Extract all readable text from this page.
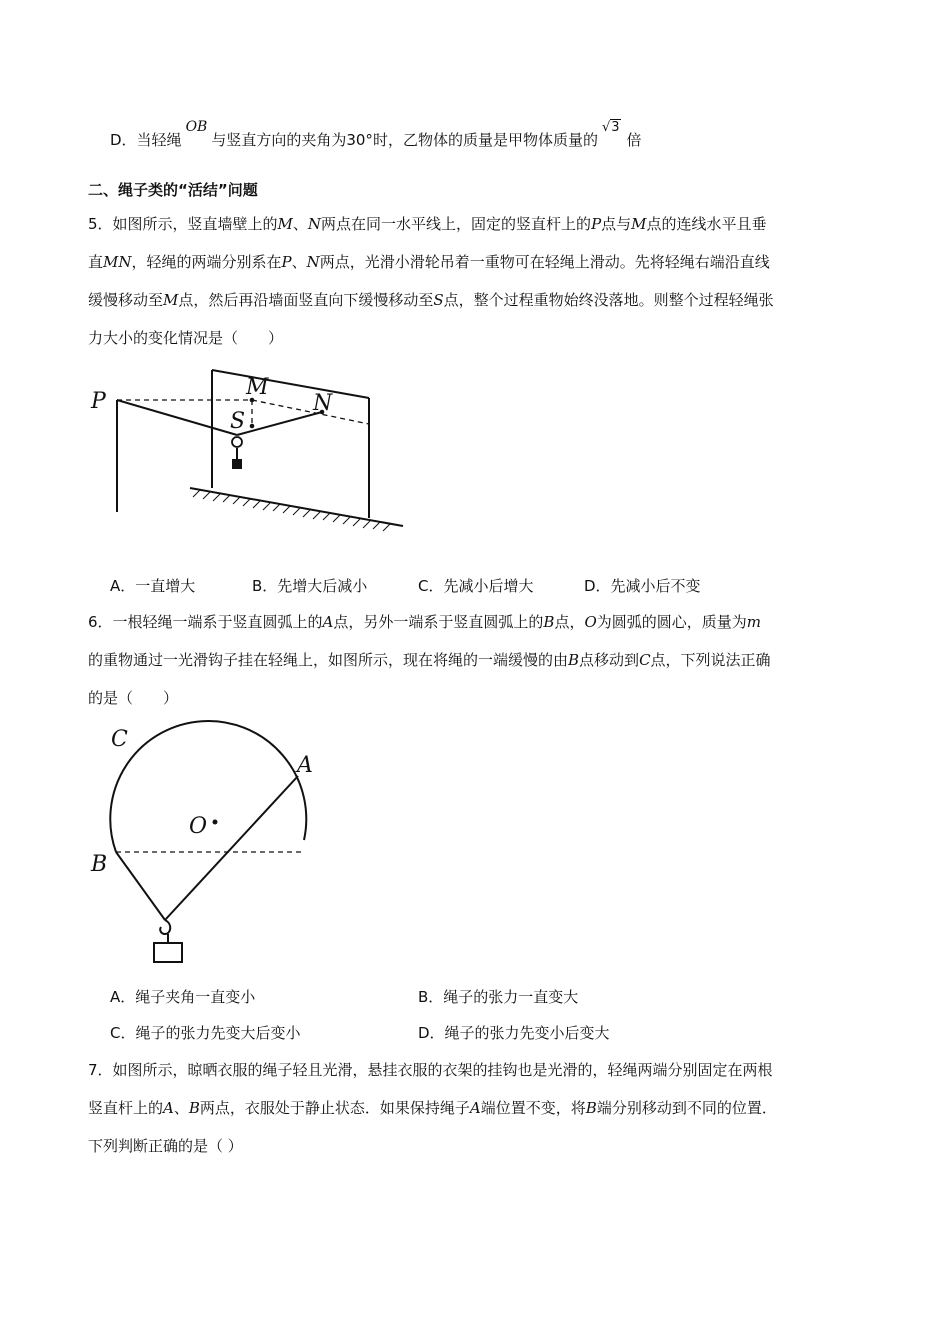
D．当轻绳OB与竖直方向的夹角为30°时，乙物体的质量是甲物体质量的√3倍
二、绳子类的“活结”问题
5．如图所示，竖直墙壁上的M、N两点在同一水平线上，固定的竖直杆上的P点与M点的连线水平且垂
直MN，轻绳的两端分别系在P、N两点，光滑小滑轮吊着一重物可在轻绳上滑动。先将轻绳右端沿直线
缓慢移动至M点，然后再沿墙面竖直向下缓慢移动至S点，整个过程重物始终没落地。则整个过程轻绳张
力大小的变化情况是（　　）
P
M
N
S
A．一直增大	B．先增大后减小	C．先减小后增大	D．先减小后不变
6．一根轻绳一端系于竖直圆弧上的A点，另外一端系于竖直圆弧上的B点，O为圆弧的圆心，质量为m
的重物通过一光滑钩子挂在轻绳上，如图所示，现在将绳的一端缓慢的由B点移动到C点，下列说法正确
的是（　　）
C
A
O
B
A．绳子夹角一直变小	B．绳子的张力一直变大
C．绳子的张力先变大后变小	D．绳子的张力先变小后变大
7．如图所示，晾晒衣服的绳子轻且光滑，悬挂衣服的衣架的挂钩也是光滑的，轻绳两端分别固定在两根
竖直杆上的A、B两点，衣服处于静止状态．如果保持绳子A端位置不变，将B端分别移动到不同的位置．
下列判断正确的是（ ）
